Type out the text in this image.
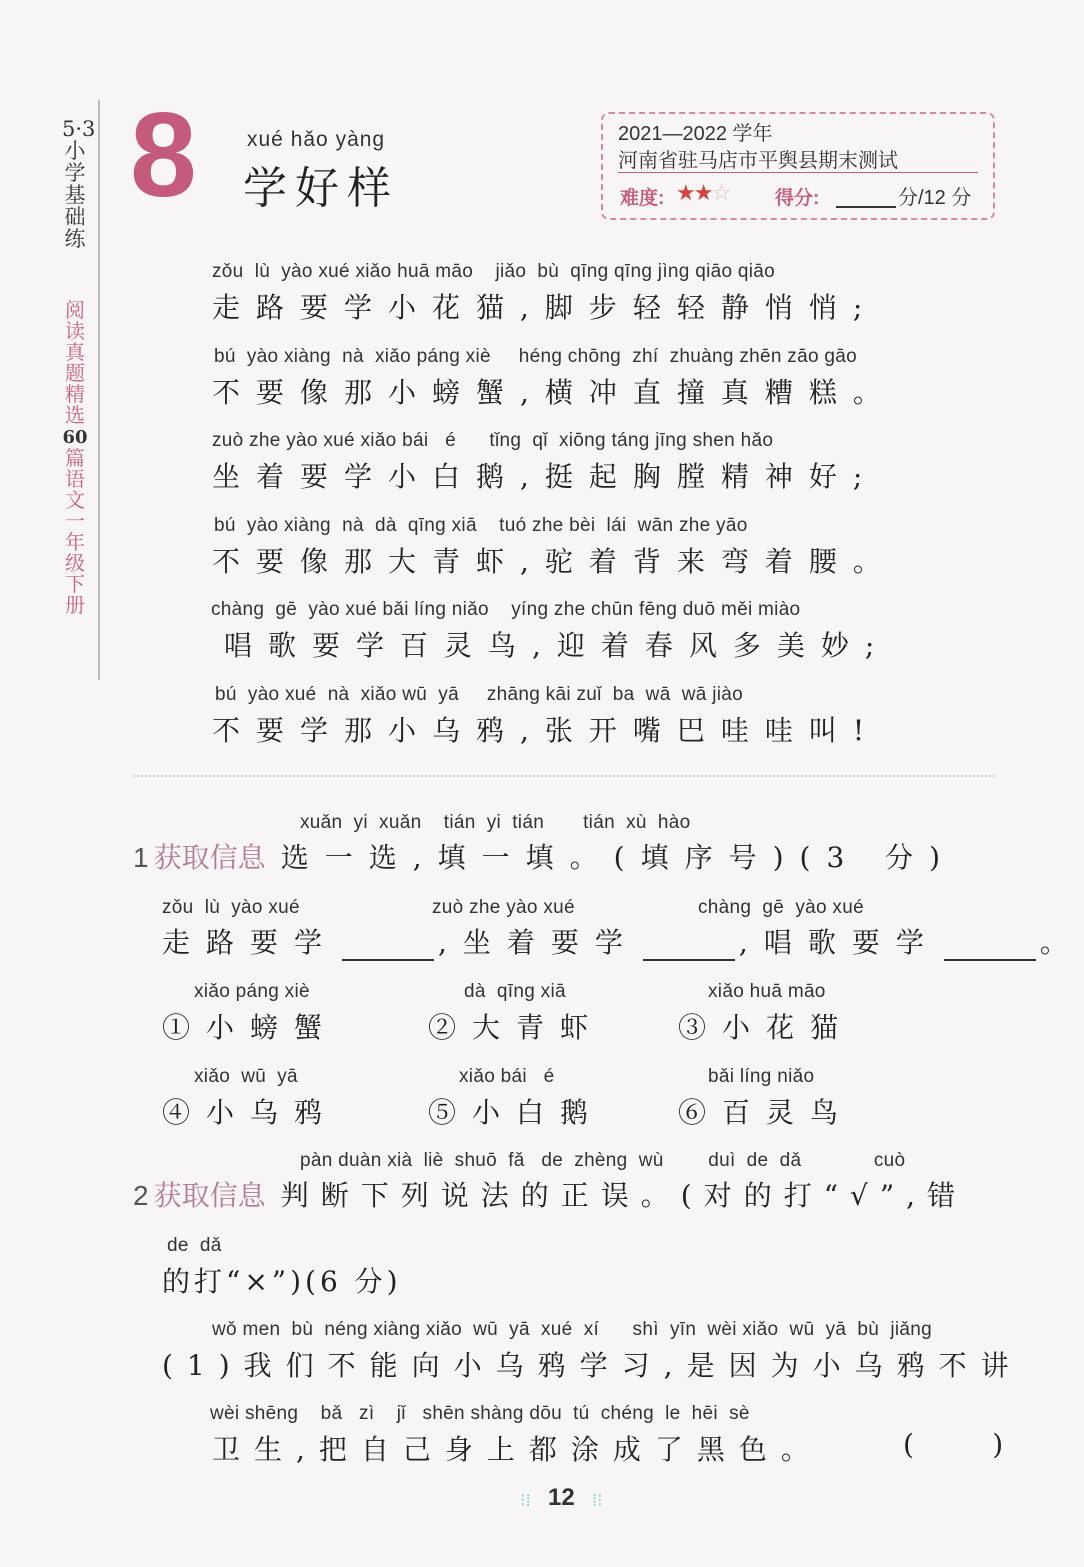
5·3小学基础练
阅读真题精选60篇
语文
一年级下册
8 xué hǎo yàng
学好样
2021—2022 学年
河南省驻马店市平舆县期末测试
难度: ★★☆ 得分:	分/12 分
zǒu  lù  yào xué xiǎo huā māo    jiǎo  bù  qīng qīng jìng qiāo qiāo
走路要学小花猫,脚步轻轻静悄悄;
bú  yào xiàng  nà  xiǎo páng xiè     héng chōng  zhí  zhuàng zhēn zāo gāo
不要像那小螃蟹,横冲直撞真糟糕。
zuò zhe yào xué xiǎo bái   é      tǐng  qǐ  xiōng táng jīng shen hǎo
坐着要学小白鹅,挺起胸膛精神好;
bú  yào xiàng  nà  dà  qīng xiā    tuó zhe bèi  lái  wān zhe yāo
不要像那大青虾,驼着背来弯着腰。
chàng  gē  yào xué bǎi líng niǎo    yíng zhe chūn fēng duō měi miào
唱歌要学百灵鸟,迎着春风多美妙;
bú  yào xué  nà  xiǎo wū  yā     zhāng kāi zuǐ  ba  wā  wā jiào
不要学那小乌鸦,张开嘴巴哇哇叫!
xuǎn  yi  xuǎn    tián  yi  tián       tián  xù  hào
1 获取信息 选一选,填一填。(填序号)(3 分)
zǒu  lù  yào xué	zuò zhe yào xué	chàng  gē  yào xué
走路要学	,坐着要学	,唱歌要学	。
xiǎo páng xiè
①小螃蟹
dà  qīng xiā
②大青虾
xiǎo huā māo
③小花猫
xiǎo  wū  yā
④小乌鸦
xiǎo bái   é
⑤小白鹅
bǎi líng niǎo
⑥百灵鸟
pàn duàn xià  liè  shuō  fǎ   de  zhèng  wù        duì  de  dǎ             cuò
2 获取信息 判断下列说法的正误。(对的打“√”,错
de  dǎ
的打“×”)(6 分)
wǒ men  bù  néng xiàng xiǎo  wū  yā  xué  xí      shì  yīn  wèi xiǎo  wū  yā  bù  jiǎng
(1)我们不能向小乌鸦学习,是因为小乌鸦不讲
wèi shēng    bǎ   zì    jǐ   shēn shàng dōu  tú  chéng  le  hēi  sè
卫生,把自己身上都涂成了黑色。	(       )
⁝⁞ 12 ⁞⁝
